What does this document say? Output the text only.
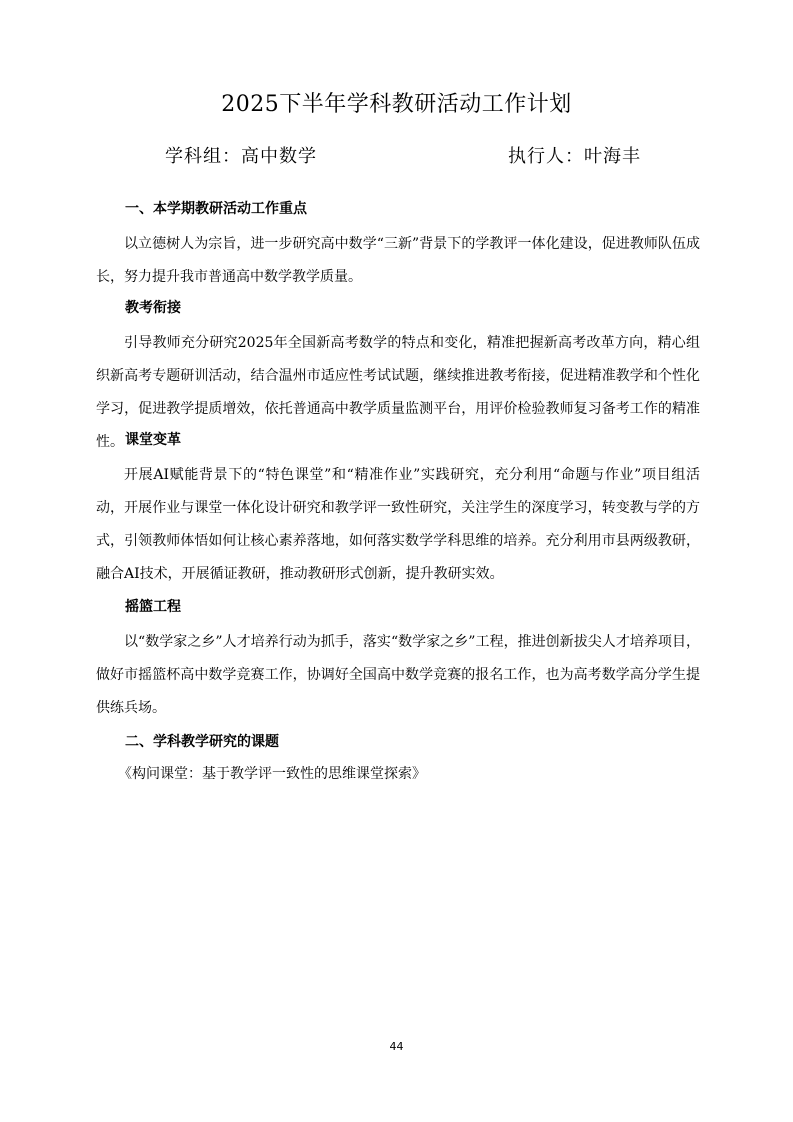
2025下半年学科教研活动工作计划
学科组：高中数学	执行人：叶海丰
一、本学期教研活动工作重点
以立德树人为宗旨，进一步研究高中数学“三新”背景下的学教评一体化建设，促进教师队伍成长，努力提升我市普通高中数学教学质量。
教考衔接
引导教师充分研究2025年全国新高考数学的特点和变化，精准把握新高考改革方向，精心组织新高考专题研训活动，结合温州市适应性考试试题，继续推进教考衔接，促进精准教学和个性化学习，促进教学提质增效，依托普通高中教学质量监测平台，用评价检验教师复习备考工作的精准性。 课堂变革
开展AI赋能背景下的“特色课堂”和“精准作业”实践研究，充分利用“命题与作业”项目组活动，开展作业与课堂一体化设计研究和教学评一致性研究，关注学生的深度学习，转变教与学的方式，引领教师体悟如何让核心素养落地，如何落实数学学科思维的培养。充分利用市县两级教研，融合AI技术，开展循证教研，推动教研形式创新，提升教研实效。
摇篮工程
以“数学家之乡”人才培养行动为抓手，落实“数学家之乡”工程，推进创新拔尖人才培养项目，做好市摇篮杯高中数学竞赛工作，协调好全国高中数学竞赛的报名工作，也为高考数学高分学生提供练兵场。
二、学科教学研究的课题
《构问课堂：基于教学评一致性的思维课堂探索》
44
